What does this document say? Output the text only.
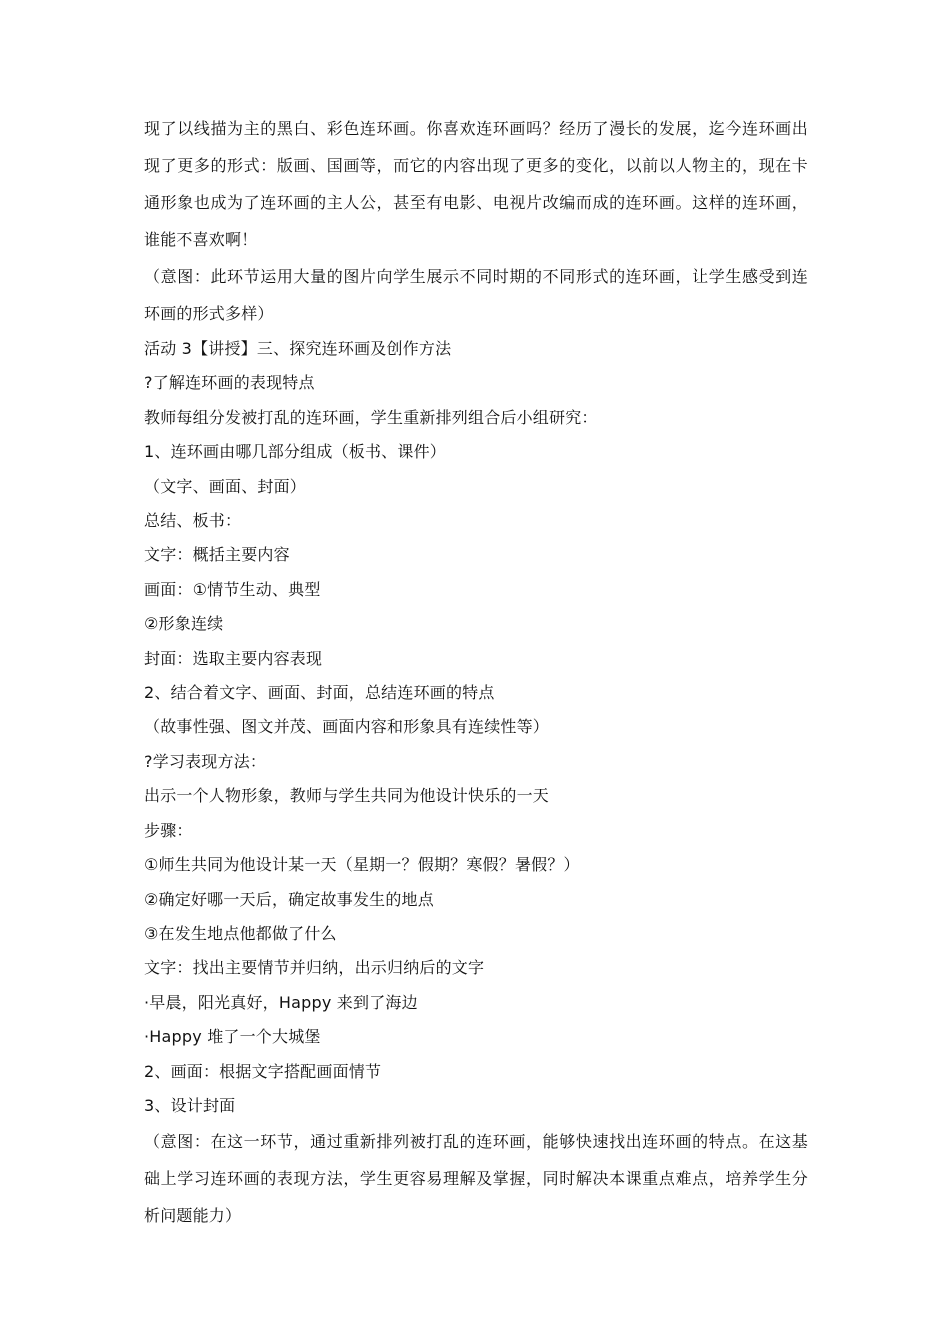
现了以线描为主的黑白、彩色连环画。你喜欢连环画吗？经历了漫长的发展，迄今连环画出现了更多的形式：版画、国画等，而它的内容出现了更多的变化，以前以人物主的，现在卡通形象也成为了连环画的主人公，甚至有电影、电视片改编而成的连环画。这样的连环画，谁能不喜欢啊！

（意图：此环节运用大量的图片向学生展示不同时期的不同形式的连环画，让学生感受到连环画的形式多样）

活动 3【讲授】三、探究连环画及创作方法

?了解连环画的表现特点

教师每组分发被打乱的连环画，学生重新排列组合后小组研究：

1、连环画由哪几部分组成（板书、课件）

（文字、画面、封面）

总结、板书：

文字：概括主要内容

画面：①情节生动、典型

②形象连续

封面：选取主要内容表现

2、结合着文字、画面、封面，总结连环画的特点

（故事性强、图文并茂、画面内容和形象具有连续性等）

?学习表现方法：

出示一个人物形象，教师与学生共同为他设计快乐的一天

步骤：

①师生共同为他设计某一天（星期一？假期？寒假？暑假？）

②确定好哪一天后，确定故事发生的地点

③在发生地点他都做了什么

文字：找出主要情节并归纳，出示归纳后的文字

·早晨，阳光真好，Happy 来到了海边

·Happy 堆了一个大城堡

2、画面：根据文字搭配画面情节

3、设计封面

（意图：在这一环节，通过重新排列被打乱的连环画，能够快速找出连环画的特点。在这基础上学习连环画的表现方法，学生更容易理解及掌握，同时解决本课重点难点，培养学生分析问题能力）
